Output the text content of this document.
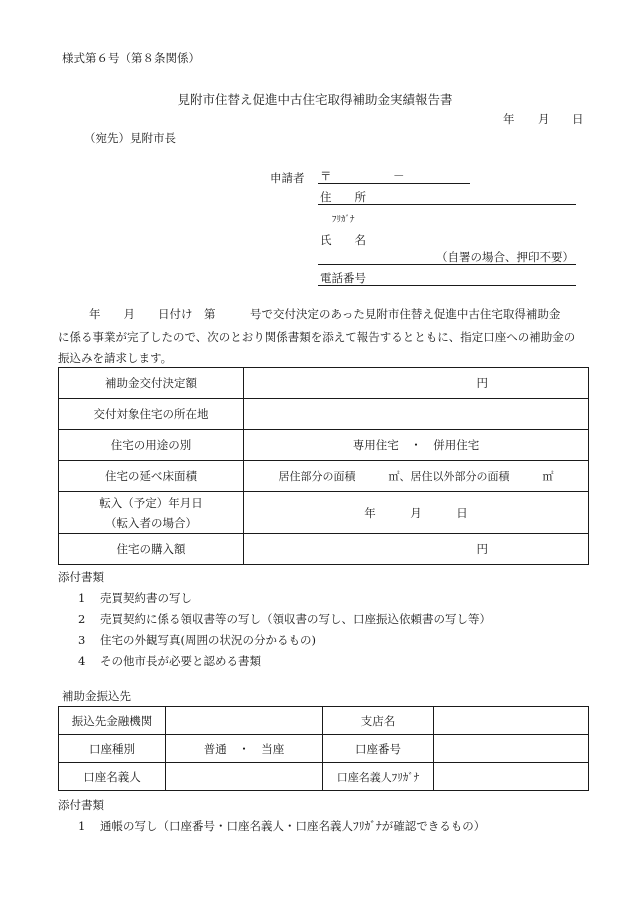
様式第６号（第８条関係）
見附市住替え促進中古住宅取得補助金実績報告書
年 月 日
（宛先）見附市長
申請者 〒	－
住　　所
ﾌﾘｶﾞﾅ
氏　　名
（自署の場合、押印不要）
電話番号
　　年　　月　　日付け　第　　　号で交付決定のあった見附市住替え促進中古住宅取得補助金
に係る事業が完了したので、次のとおり関係書類を添えて報告するとともに、指定口座への補助金の
振込みを請求します。
補助金交付決定額	円
交付対象住宅の所在地	
住宅の用途の別	専用住宅　・　併用住宅
住宅の延べ床面積	居住部分の面積　　　㎡、居住以外部分の面積　　　㎡

転入（予定）年月日
（転入者の場合）	年　　　月　　　日
住宅の購入額	円
添付書類
1 売買契約書の写し
2 売買契約に係る領収書等の写し（領収書の写し、口座振込依頼書の写し等）
3 住宅の外観写真(周囲の状況の分かるもの)
4 その他市長が必要と認める書類
補助金振込先
振込先金融機関		支店名	
口座種別	普通　・　当座	口座番号	
口座名義人		口座名義人ﾌﾘｶﾞﾅ	
添付書類
1 通帳の写し（口座番号・口座名義人・口座名義人ﾌﾘｶﾞﾅが確認できるもの）
